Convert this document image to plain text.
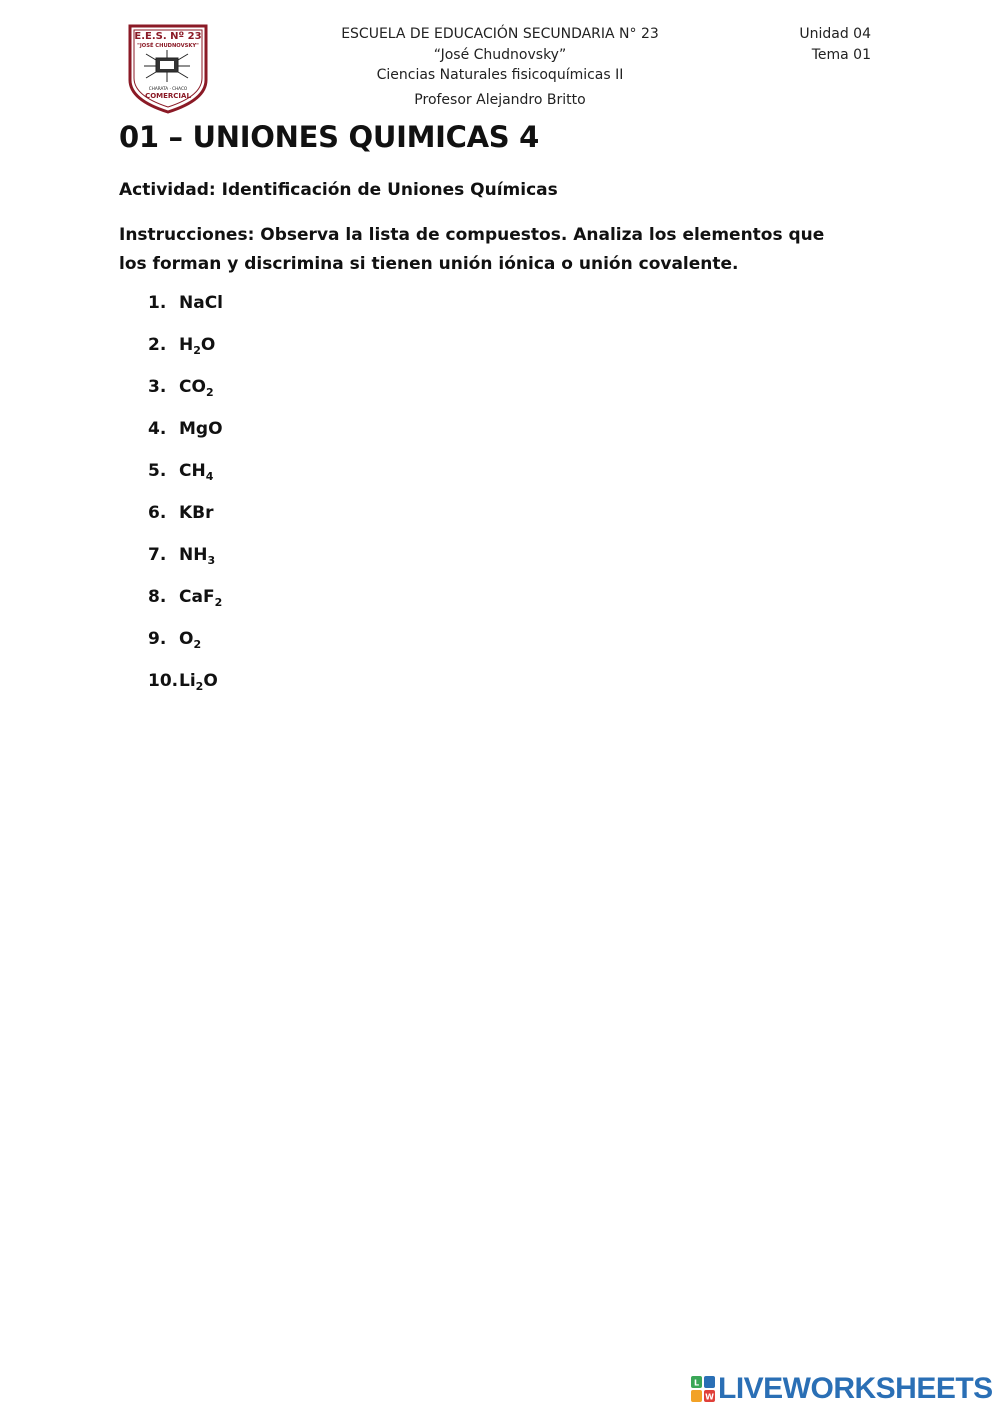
E.E.S. Nº 23
"JOSÉ CHUDNOVSKY"
CHARATA · CHACO
COMERCIAL
ESCUELA DE EDUCACIÓN SECUNDARIA N° 23
“José Chudnovsky”
Ciencias Naturales fisicoquímicas II
Profesor Alejandro Britto
Unidad 04
Tema 01
01 – UNIONES QUIMICAS 4

Actividad: Identificación de Uniones Químicas

Instrucciones: Observa la lista de compuestos. Analiza los elementos que los forman y discrimina si tienen unión iónica o unión covalente.

1. NaCl
2. $H_2O$
3. $CO_2$
4. MgO
5. $CH_4$
6. KBr
7. $NH_3$
8. CaF$_2$
9. $O_2$
10. $Li_2O$
L
W LIVEWORKSHEETS
